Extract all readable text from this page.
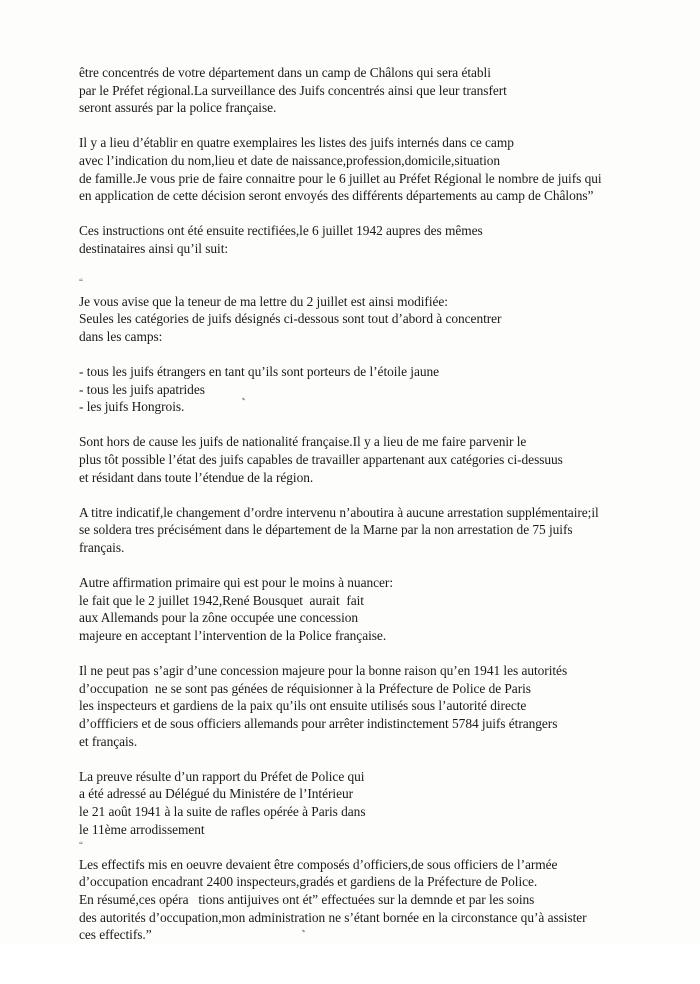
être concentrés de votre département dans un camp de Châlons qui sera établi
par le Préfet régional.La surveillance des Juifs concentrés ainsi que leur transfert
seront assurés par la police française.
Il y a lieu d’établir en quatre exemplaires les listes des juifs internés dans ce camp
avec l’indication du nom,lieu et date de naissance,profession,domicile,situation
de famille.Je vous prie de faire connaitre pour le 6 juillet au Préfet Régional le nombre de juifs qui
en application de cette décision seront envoyés des différents départements au camp de Châlons”
Ces instructions ont été ensuite rectifiées,le 6 juillet 1942 aupres des mêmes
destinataires ainsi qu’il suit:
“
Je vous avise que la teneur de ma lettre du 2 juillet est ainsi modifiée:
Seules les catégories de juifs désignés ci-dessous sont tout d’abord à concentrer
dans les camps:
- tous les juifs étrangers en tant qu’ils sont porteurs de l’étoile jaune
- tous les juifs apatrides
- les juifs Hongrois.
Sont hors de cause les juifs de nationalité française.Il y a lieu de me faire parvenir le
plus tôt possible l’état des juifs capables de travailler appartenant aux catégories ci-dessuus
et résidant dans toute l’étendue de la région.
A titre indicatif,le changement d’ordre intervenu n’aboutira à aucune arrestation supplémentaire;il
se soldera tres précisément dans le département de la Marne par la non arrestation de 75 juifs
français.
Autre affirmation primaire qui est pour le moins à nuancer:
le fait que le 2 juillet 1942,René Bousquet  aurait  fait
aux Allemands pour la zône occupée une concession
majeure en acceptant l’intervention de la Police française.
Il ne peut pas s’agir d’une concession majeure pour la bonne raison qu’en 1941 les autorités
d’occupation  ne se sont pas génées de réquisionner à la Préfecture de Police de Paris
les inspecteurs et gardiens de la paix qu’ils ont ensuite utilisés sous l’autorité directe
d’offficiers et de sous officiers allemands pour arrêter indistinctement 5784 juifs étrangers
et français.
La preuve résulte d’un rapport du Préfet de Police qui
a été adressé au Délégué du Ministére de l’Intérieur
le 21 août 1941 à la suite de rafles opérée à Paris dans
le 11ème arrodissement
“
Les effectifs mis en oeuvre devaient être composés d’officiers,de sous officiers de l’armée
d’occupation encadrant 2400 inspecteurs,gradés et gardiens de la Préfecture de Police.
En résumé,ces opéra   tions antijuives ont ét” effectuées sur la demnde et par les soins
des autorités d’occupation,mon administration ne s’étant bornée en la circonstance qu’à assister
ces effectifs.”
